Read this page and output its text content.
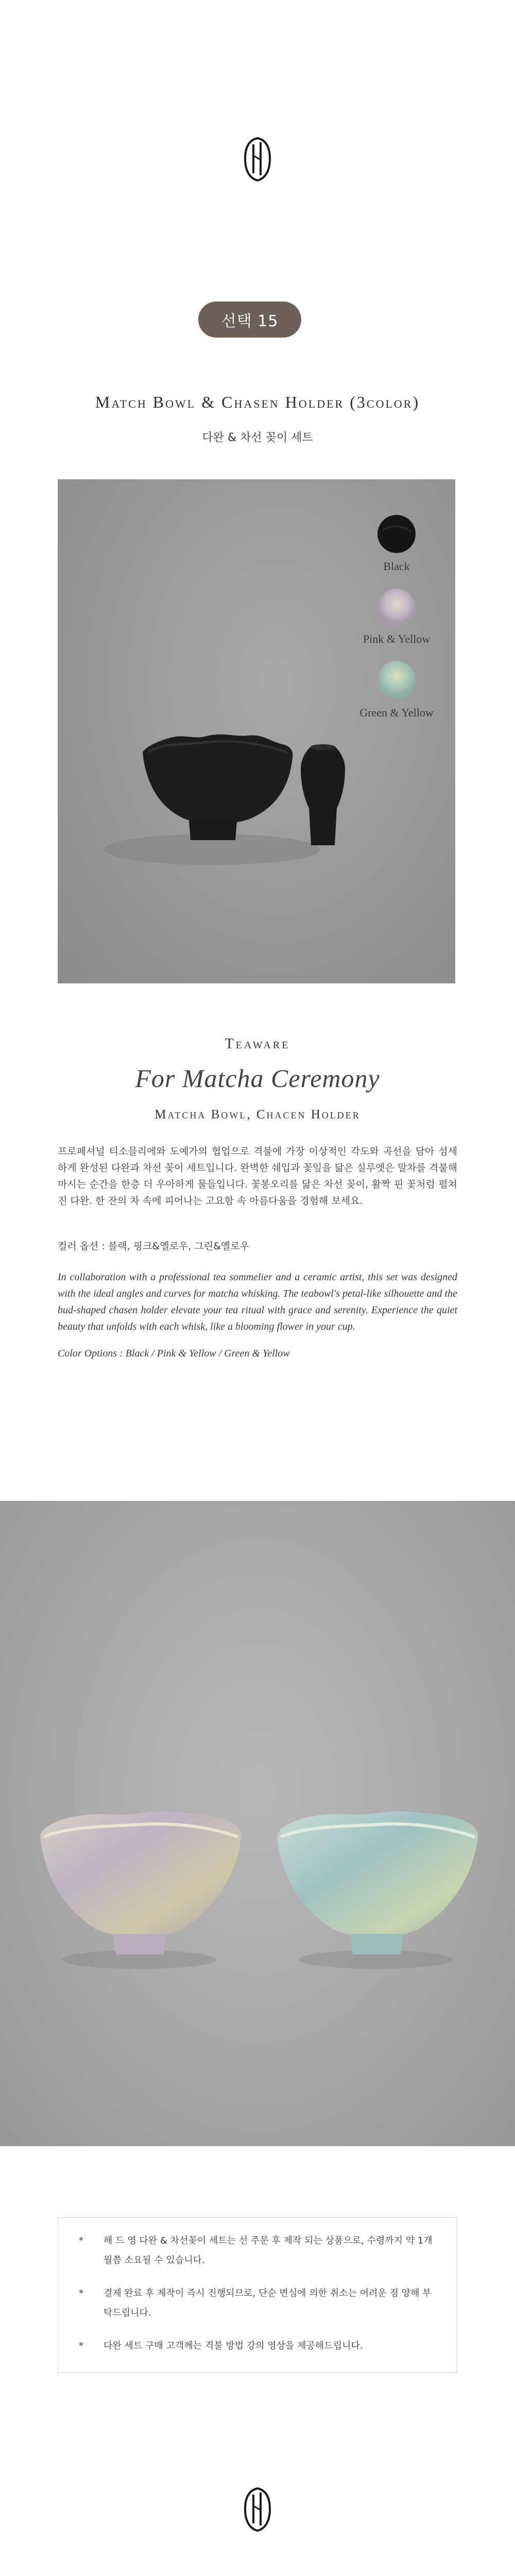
선택 15
Match Bowl & Chasen Holder (3color)
다완 & 차선 꽂이 세트
Black
Pink & Yellow
Green & Yellow
Teaware
For Matcha Ceremony
Matcha Bowl, Chacen Holder

프로페셔널 티소믈리에와 도예가의 협업으로 격불에 가장 이상적인 각도와 곡선을 담아 섬세하게 완성된 다완과 차선 꽂이 세트입니다. 완벽한 쉐입과 꽃잎을 닮은 실루엣은 말차를 격불해 마시는 순간을 한층 더 우아하게 물들입니다. 꽃봉오리를 닮은 차선 꽂이, 활짝 핀 꽃처럼 펼쳐진 다완. 한 잔의 차 속에 피어나는 고요함 속 아름다움을 경험해 보세요.

컬러 옵션 : 블랙, 핑크&옐로우, 그린&옐로우

In collaboration with a professional tea sommelier and a ceramic artist, this set was designed with the ideal angles and curves for matcha whisking. The teabowl's petal-like silhouette and the bud-shaped chasen holder elevate your tea ritual with grace and serenity. Experience the quiet beauty that unfolds with each whisk, like a blooming flower in your cup.

Color Options : Black / Pink & Yellow / Green & Yellow

* 해 드 영 다완 & 차선꽂이 세트는 선 주문 후 제작 되는 상품으로, 수령까지 약 1개월쯤 소요될 수 있습니다.
* 결제 완료 후 제작이 즉시 진행되므로, 단순 변심에 의한 취소는 어려운 점 양해 부탁드립니다.
* 다완 세트 구매 고객께는 격불 방법 강의 영상을 제공해드립니다.
